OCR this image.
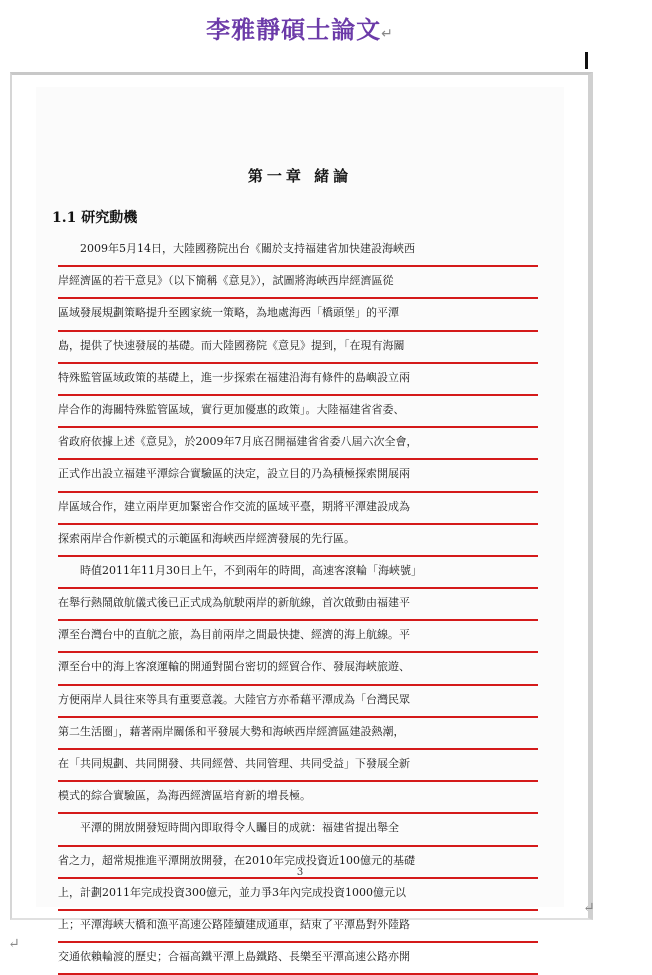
李雅靜碩士論文↵
第一章 緒論
1.1 研究動機
2009年5月14日，大陸國務院出台《關於支持福建省加快建設海峽西
岸經濟區的若干意見》（以下簡稱《意見》），試圖將海峽西岸經濟區從
區域發展規劃策略提升至國家統一策略，為地處海西「橋頭堡」的平潭
島，提供了快速發展的基礎。而大陸國務院《意見》提到，「在現有海關
特殊監管區域政策的基礎上，進一步探索在福建沿海有條件的島嶼設立兩
岸合作的海關特殊監管區域，實行更加優惠的政策」。大陸福建省省委、
省政府依據上述《意見》，於2009年7月底召開福建省省委八屆六次全會，
正式作出設立福建平潭綜合實驗區的決定，設立目的乃為積極探索開展兩
岸區域合作，建立兩岸更加緊密合作交流的區域平臺，期將平潭建設成為
探索兩岸合作新模式的示範區和海峽西岸經濟發展的先行區。
時值2011年11月30日上午，不到兩年的時間，高速客滾輪「海峽號」
在舉行熱鬧啟航儀式後已正式成為航駛兩岸的新航線，首次啟動由福建平
潭至台灣台中的直航之旅，為目前兩岸之間最快捷、經濟的海上航線。平
潭至台中的海上客滾運輸的開通對閩台密切的經貿合作、發展海峽旅遊、
方便兩岸人員往來等具有重要意義。大陸官方亦希藉平潭成為「台灣民眾
第二生活圈」，藉著兩岸關係和平發展大勢和海峽西岸經濟區建設熱潮，
在「共同規劃、共同開發、共同經營、共同管理、共同受益」下發展全新
模式的綜合實驗區，為海西經濟區培育新的增長極。
平潭的開放開發短時間內即取得令人矚目的成就：福建省提出舉全
省之力，超常規推進平潭開放開發，在2010年完成投資近100億元的基礎
上，計劃2011年完成投資300億元，並力爭3年內完成投資1000億元以
上；平潭海峽大橋和漁平高速公路陸續建成通車，結束了平潭島對外陸路
交通依賴輪渡的歷史；合福高鐵平潭上島鐵路、長樂至平潭高速公路亦開
3
↵
↵
